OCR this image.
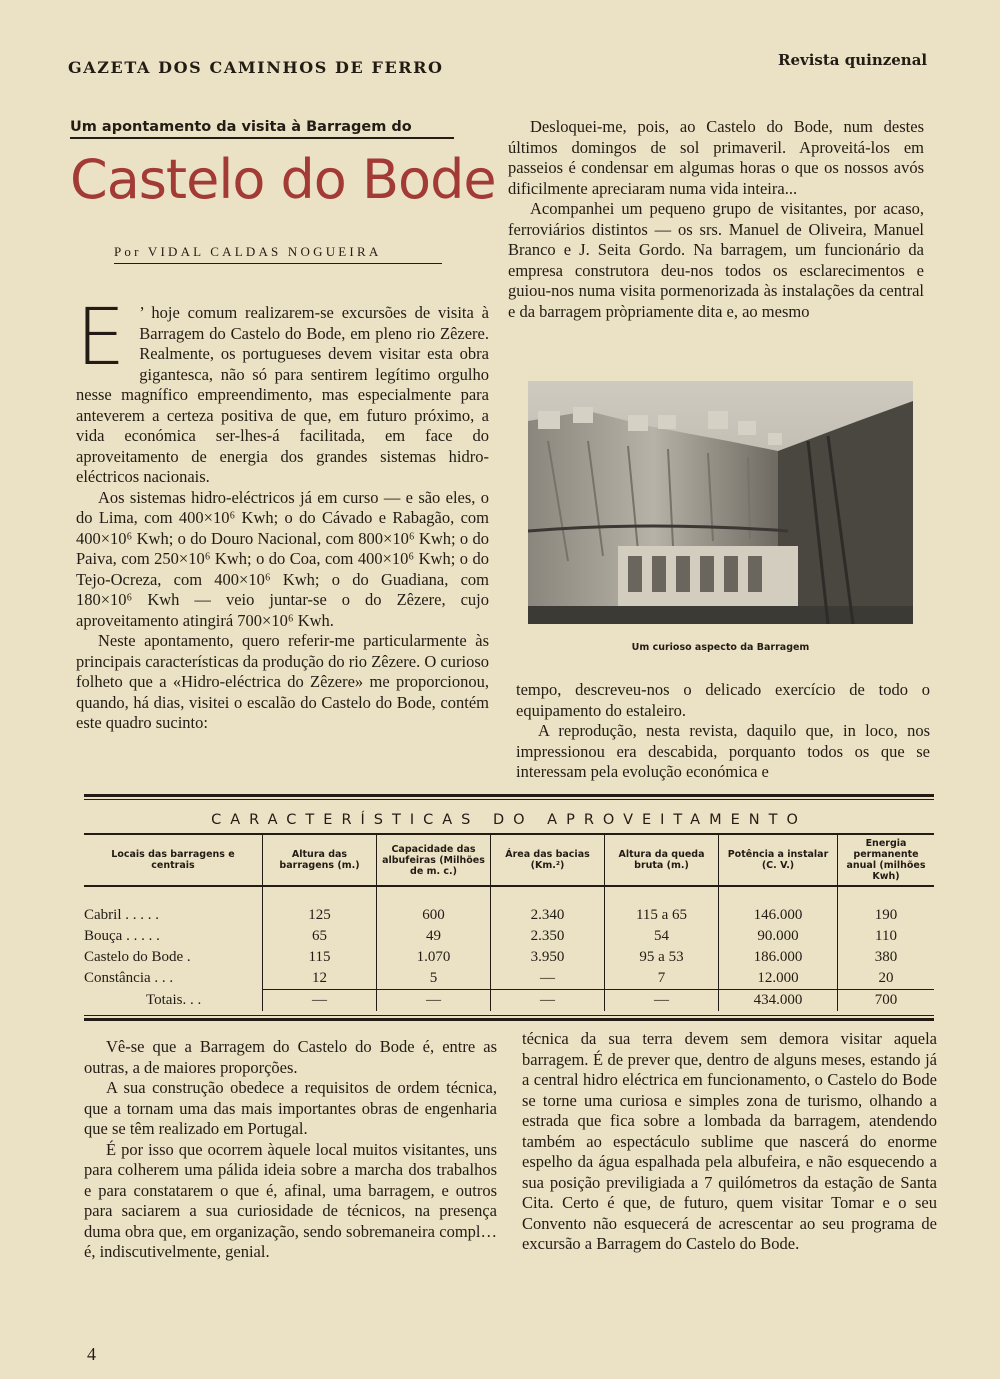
GAZETA DOS CAMINHOS DE FERRO	Revista quinzenal
Um apontamento da visita à Barragem do
Castelo do Bode
Por VIDAL CALDAS NOGUEIRA

E ’ hoje comum realizarem-se excursões de visita à Barragem do Castelo do Bode, em pleno rio Zêzere. Realmente, os portugueses devem visitar esta obra gigantesca, não só para sentirem legítimo orgulho nesse magnífico empreendimento, mas especialmente para anteverem a certeza positiva de que, em futuro próximo, a vida económica ser-lhes-á facilitada, em face do aproveitamento de energia dos grandes sistemas hidro-eléctricos nacionais.

Aos sistemas hidro-eléctricos já em curso — e são eles, o do Lima, com 400×10⁶ Kwh; o do Cávado e Rabagão, com 400×10⁶ Kwh; o do Douro Nacional, com 800×10⁶ Kwh; o do Paiva, com 250×10⁶ Kwh; o do Coa, com 400×10⁶ Kwh; o do Tejo-Ocreza, com 400×10⁶ Kwh; o do Guadiana, com 180×10⁶ Kwh — veio juntar-se o do Zêzere, cujo aproveitamento atingirá 700×10⁶ Kwh.

Neste apontamento, quero referir-me particularmente às principais características da produção do rio Zêzere. O curioso folheto que a «Hidro-eléctrica do Zêzere» me proporcionou, quando, há dias, visitei o escalão do Castelo do Bode, contém este quadro sucinto:

Desloquei-me, pois, ao Castelo do Bode, num destes últimos domingos de sol primaveril. Aproveitá-los em passeios é condensar em algumas horas o que os nossos avós dificilmente apreciaram numa vida inteira...

Acompanhei um pequeno grupo de visitantes, por acaso, ferroviários distintos — os srs. Manuel de Oliveira, Manuel Branco e J. Seita Gordo. Na barragem, um funcionário da empresa construtora deu-nos todos os esclarecimentos e guiou-nos numa visita pormenorizada às instalações da central e da barragem pròpriamente dita e, ao mesmo

Um curioso aspecto da Barragem

tempo, descreveu-nos o delicado exercício de todo o equipamento do estaleiro.

A reprodução, nesta revista, daquilo que, in loco, nos impressionou era descabida, porquanto todos os que se interessam pela evolução económica e

CARACTERÍSTICAS DO APROVEITAMENTO
Locais das barragens e centrais	Altura das barragens (m.)	Capacidade das albufeiras (Milhões de m. c.)	Área das bacias (Km.²)	Altura da queda bruta (m.)	Potência a instalar (C. V.)	Energia permanente anual (milhões Kwh)
Cabril . . . . .	125	600	2.340	115 a 65	146.000	190
Bouça . . . . .	65	49	2.350	54	90.000	110
Castelo do Bode .	115	1.070	3.950	95 a 53	186.000	380
Constância . . .	12	5	—	7	12.000	20
Totais. . .	—	—	—	—	434.000	700

Vê-se que a Barragem do Castelo do Bode é, entre as outras, a de maiores proporções.

A sua construção obedece a requisitos de ordem técnica, que a tornam uma das mais importantes obras de engenharia que se têm realizado em Portugal.

É por isso que ocorrem àquele local muitos visitantes, uns para colherem uma pálida ideia sobre a marcha dos trabalhos e para constatarem o que é, afinal, uma barragem, e outros para saciarem a sua curiosidade de técnicos, na presença duma obra que, em organização, sendo sobremaneira compl… é, indiscutivelmente, genial.

técnica da sua terra devem sem demora visitar aquela barragem. É de prever que, dentro de alguns meses, estando já a central hidro eléctrica em funcionamento, o Castelo do Bode se torne uma curiosa e simples zona de turismo, olhando a estrada que fica sobre a lombada da barragem, atendendo também ao espectáculo sublime que nascerá do enorme espelho da água espalhada pela albufeira, e não esquecendo a sua posição previligiada a 7 quilómetros da estação de Santa Cita. Certo é que, de futuro, quem visitar Tomar e o seu Convento não esquecerá de acrescentar ao seu programa de excursão a Barragem do Castelo do Bode.

4
